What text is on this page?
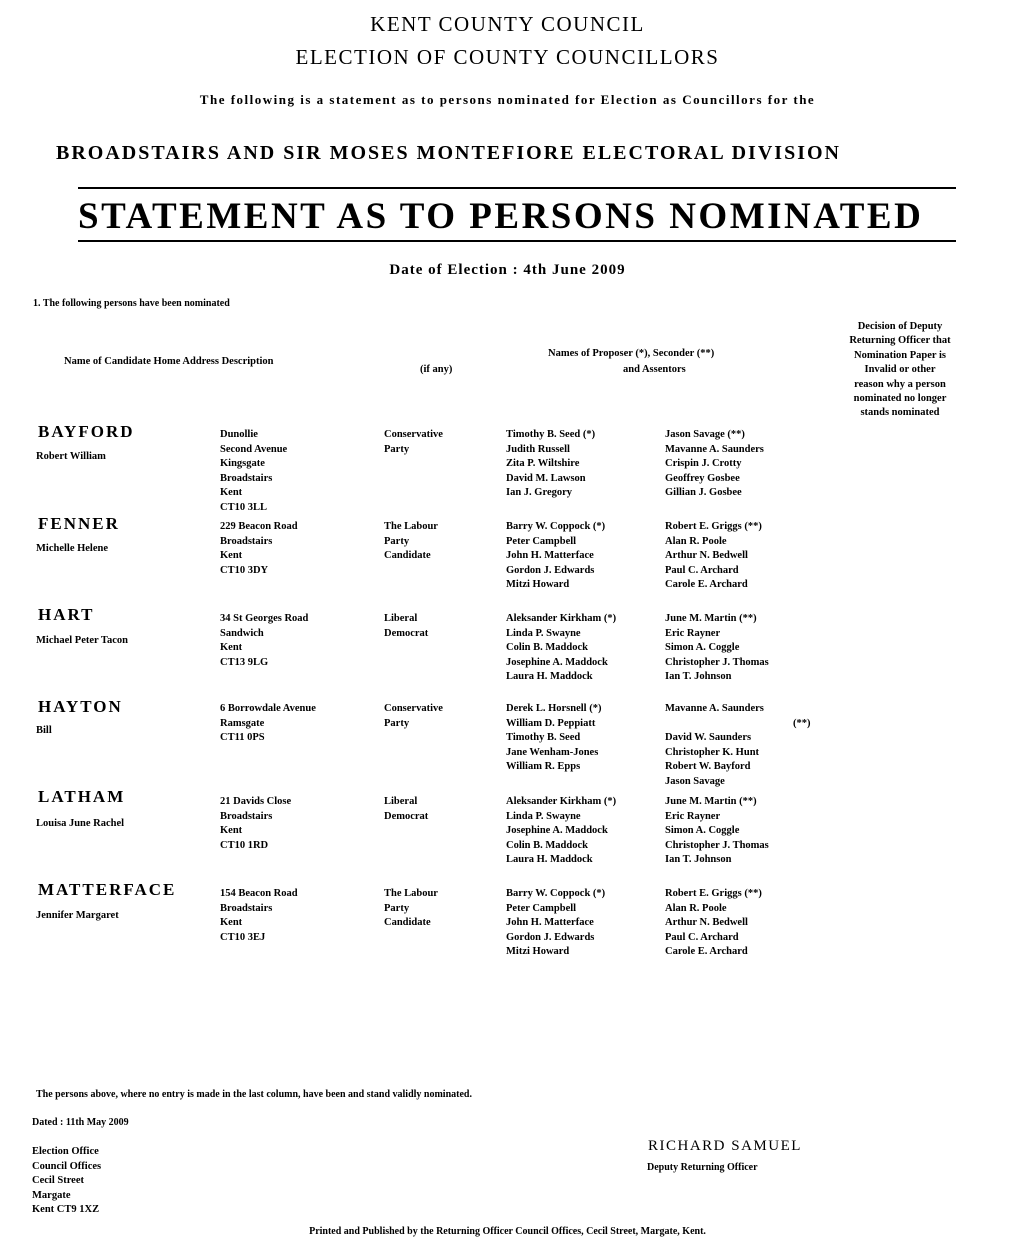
KENT COUNTY COUNCIL
ELECTION OF COUNTY COUNCILLORS
The following is a statement as to persons nominated for Election as Councillors for the
BROADSTAIRS AND SIR MOSES MONTEFIORE ELECTORAL DIVISION
STATEMENT AS TO PERSONS NOMINATED
Date of Election : 4th June 2009
1. The following persons have been nominated
Name of Candidate Home Address Description
(if any)
Names of Proposer (*), Seconder (**)
and Assentors
Decision of Deputy
Returning Officer that
Nomination Paper is
Invalid or other
reason why a person
nominated no longer
stands nominated
BAYFORD
Robert William
Dunollie
Second Avenue
Kingsgate
Broadstairs
Kent
CT10 3LL
Conservative
Party
Timothy B. Seed (*)
Judith Russell
Zita P. Wiltshire
David M. Lawson
Ian J. Gregory
Jason Savage (**)
Mavanne A. Saunders
Crispin J. Crotty
Geoffrey Gosbee
Gillian J. Gosbee
FENNER
Michelle Helene
229 Beacon Road
Broadstairs
Kent
CT10 3DY
The Labour
Party
Candidate
Barry W. Coppock (*)
Peter Campbell
John H. Matterface
Gordon J. Edwards
Mitzi Howard
Robert E. Griggs (**)
Alan R. Poole
Arthur N. Bedwell
Paul C. Archard
Carole E. Archard
HART
Michael Peter Tacon
34 St Georges Road
Sandwich
Kent
CT13 9LG
Liberal
Democrat
Aleksander Kirkham (*)
Linda P. Swayne
Colin B. Maddock
Josephine A. Maddock
Laura H. Maddock
June M. Martin (**)
Eric Rayner
Simon A. Coggle
Christopher J. Thomas
Ian T. Johnson
HAYTON
Bill
6 Borrowdale Avenue
Ramsgate
CT11 0PS
Conservative
Party
Derek L. Horsnell (*)
William D. Peppiatt
Timothy B. Seed
Jane Wenham-Jones
William R. Epps
Mavanne A. Saunders
(**)
David W. Saunders
Christopher K. Hunt
Robert W. Bayford
Jason Savage
LATHAM
Louisa June Rachel
21 Davids Close
Broadstairs
Kent
CT10 1RD
Liberal
Democrat
Aleksander Kirkham (*)
Linda P. Swayne
Josephine A. Maddock
Colin B. Maddock
Laura H. Maddock
June M. Martin (**)
Eric Rayner
Simon A. Coggle
Christopher J. Thomas
Ian T. Johnson
MATTERFACE
Jennifer Margaret
154 Beacon Road
Broadstairs
Kent
CT10 3EJ
The Labour
Party
Candidate
Barry W. Coppock (*)
Peter Campbell
John H. Matterface
Gordon J. Edwards
Mitzi Howard
Robert E. Griggs (**)
Alan R. Poole
Arthur N. Bedwell
Paul C. Archard
Carole E. Archard
The persons above, where no entry is made in the last column, have been and stand validly nominated.
Dated : 11th May 2009
Election Office
Council Offices
Cecil Street
Margate
Kent CT9 1XZ
RICHARD SAMUEL
Deputy Returning Officer
Printed and Published by the Returning Officer Council Offices, Cecil Street, Margate, Kent.
